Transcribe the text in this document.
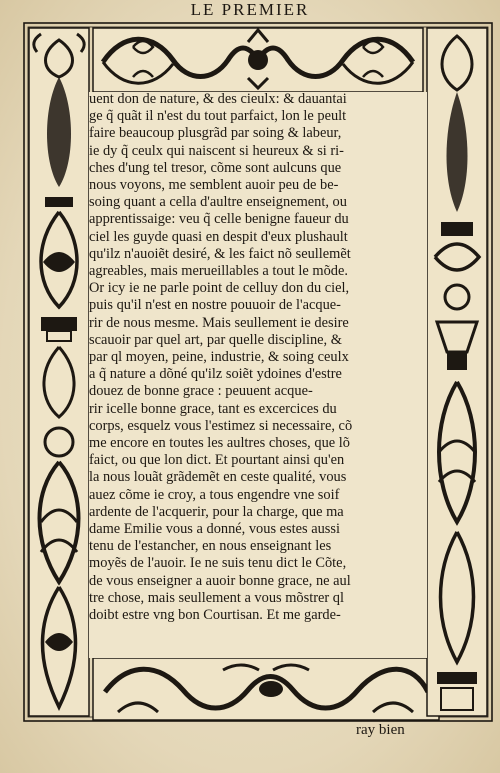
LE PREMIER
uent don de nature, & des cieulx: & dauantai
ge q̃ quãt il n'est du tout parfaict, lon le peult
faire beaucoup plusgrãd par soing & labeur,
ie dy q̃ ceulx qui naiscent si heureux & si ri-
ches d'ung tel tresor, cõme sont aulcuns que
nous voyons, me semblent auoir peu de be-
soing quant a cella d'aultre enseignement, ou
apprentissaige: veu q̃ celle benigne faueur du
ciel les guyde quasi en despit d'eux plushault
qu'ilz n'auoiẽt desiré, & les faict nõ seullemẽt
agreables, mais merueillables a tout le mõde.
Or icy ie ne parle point de celluy don du ciel,
puis qu'il n'est en nostre pouuoir de l'acque-
rir de nous mesme. Mais seullement ie desire
scauoir par quel art, par quelle discipline, &
par ql moyen, peine, industrie, & soing ceulx
a q̃ nature a dõné qu'ilz soiẽt ydoines d'estre
douez de bonne grace : peuuent acque-
rir icelle bonne grace, tant es excercices du
corps, esquelz vous l'estimez si necessaire, cõ
me encore en toutes les aultres choses, que lõ
faict, ou que lon dict. Et pourtant ainsi qu'en
la nous louãt grãdemẽt en ceste qualité, vous
auez cõme ie croy, a tous engendre vne soif
ardente de l'acquerir, pour la charge, que ma
dame Emilie vous a donné, vous estes aussi
tenu de l'estancher, en nous enseignant les
moyẽs de l'auoir. Ie ne suis tenu dict le Cõte,
de vous enseigner a auoir bonne grace, ne aul
tre chose, mais seullement a vous mõstrer ql
doibt estre vng bon Courtisan. Et me garde-
ray bien
